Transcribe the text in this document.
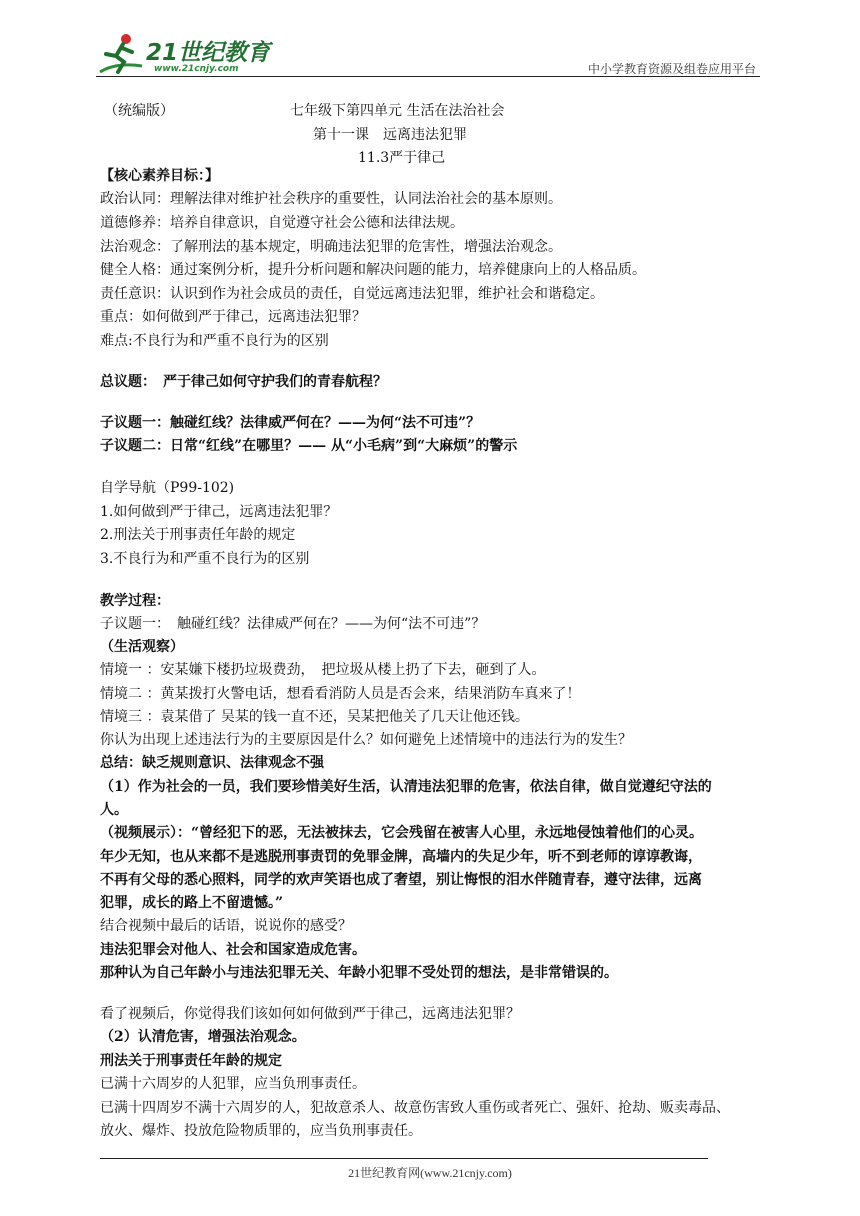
21世纪教育
www.21cnjy.com	中小学教育资源及组卷应用平台
（统编版）	七年级下第四单元 生活在法治社会
第十一课　远离违法犯罪
11.3严于律己
【核心素养目标：】
政治认同：理解法律对维护社会秩序的重要性，认同法治社会的基本原则。
道德修养：培养自律意识，自觉遵守社会公德和法律法规。
法治观念：了解刑法的基本规定，明确违法犯罪的危害性，增强法治观念。
健全人格：通过案例分析，提升分析问题和解决问题的能力，培养健康向上的人格品质。
责任意识：认识到作为社会成员的责任，自觉远离违法犯罪，维护社会和谐稳定。
重点：如何做到严于律己，远离违法犯罪？
难点:不良行为和严重不良行为的区别
总议题：　严于律己如何守护我们的青春航程？
子议题一：触碰红线？法律威严何在？——为何“法不可违”？
子议题二：日常“红线”在哪里？—— 从“小毛病”到“大麻烦”的警示
自学导航（P99-102)
1.如何做到严于律己，远离违法犯罪？
2.刑法关于刑事责任年龄的规定
3.不良行为和严重不良行为的区别
教学过程：
子议题一：　触碰红线？法律威严何在？——为何“法不可违”？
（生活观察）
情境一 ：安某嫌下楼扔垃圾费劲，　把垃圾从楼上扔了下去，砸到了人。
情境二 ：黄某拨打火警电话，想看看消防人员是否会来，结果消防车真来了！
情境三 ：袁某借了 吴某的钱一直不还，吴某把他关了几天让他还钱。
你认为出现上述违法行为的主要原因是什么？如何避免上述情境中的违法行为的发生？
总结：缺乏规则意识、法律观念不强
（1）作为社会的一员，我们要珍惜美好生活，认清违法犯罪的危害，依法自律，做自觉遵纪守法的
人。
（视频展示）：“曾经犯下的恶，无法被抹去，它会残留在被害人心里，永远地侵蚀着他们的心灵。
年少无知，也从来都不是逃脱刑事责罚的免罪金牌，高墙内的失足少年，听不到老师的谆谆教诲，
不再有父母的悉心照料，同学的欢声笑语也成了奢望，别让悔恨的泪水伴随青春，遵守法律，远离
犯罪，成长的路上不留遗憾。”
结合视频中最后的话语，说说你的感受？
违法犯罪会对他人、社会和国家造成危害。
那种认为自己年龄小与违法犯罪无关、年龄小犯罪不受处罚的想法，是非常错误的。
看了视频后，你觉得我们该如何如何做到严于律己，远离违法犯罪？
（2）认清危害，增强法治观念。
刑法关于刑事责任年龄的规定
已满十六周岁的人犯罪，应当负刑事责任。
已满十四周岁不满十六周岁的人，犯故意杀人、故意伤害致人重伤或者死亡、强奸、抢劫、贩卖毒品、
放火、爆炸、投放危险物质罪的，应当负刑事责任。
21世纪教育网(www.21cnjy.com)
